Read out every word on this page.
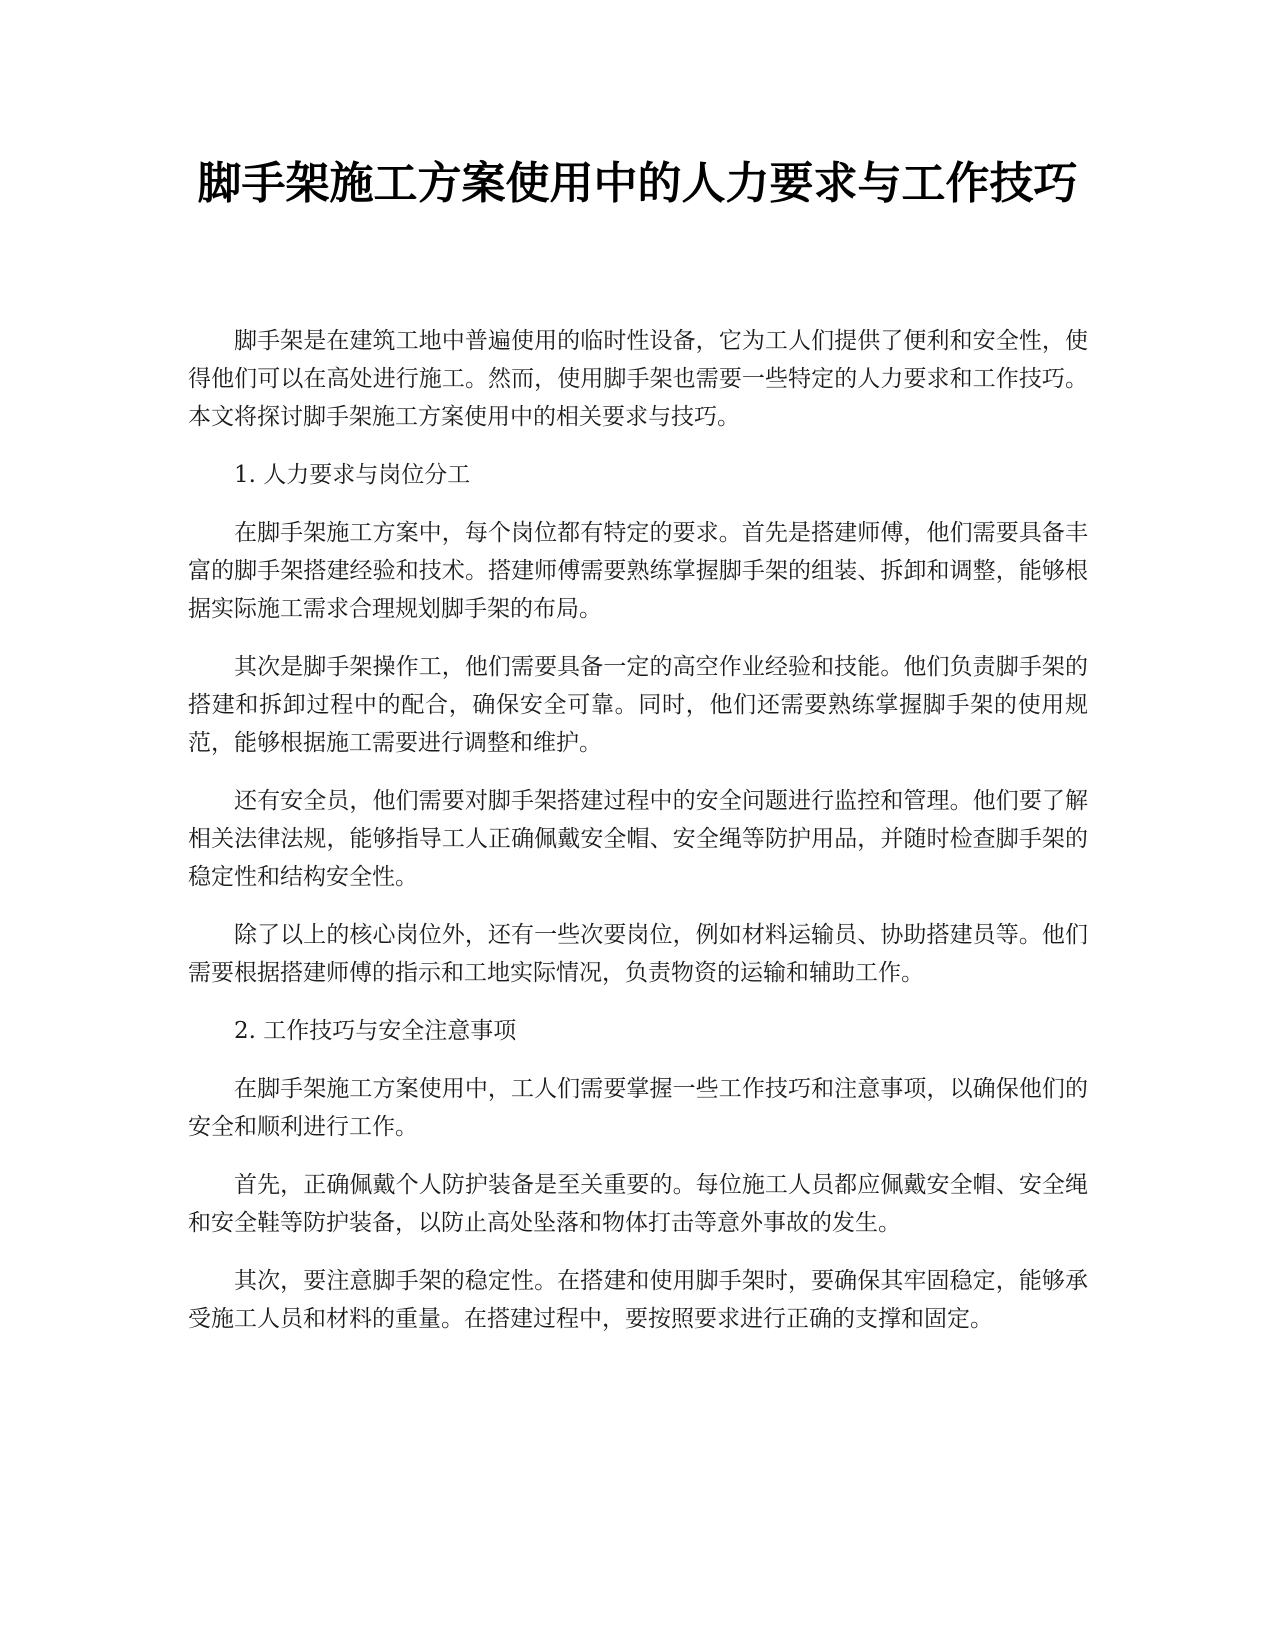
脚手架施工方案使用中的人力要求与工作技巧

脚手架是在建筑工地中普遍使用的临时性设备，它为工人们提供了便利和安全性，使得他们可以在高处进行施工。然而，使用脚手架也需要一些特定的人力要求和工作技巧。本文将探讨脚手架施工方案使用中的相关要求与技巧。

1. 人力要求与岗位分工

在脚手架施工方案中，每个岗位都有特定的要求。首先是搭建师傅，他们需要具备丰富的脚手架搭建经验和技术。搭建师傅需要熟练掌握脚手架的组装、拆卸和调整，能够根据实际施工需求合理规划脚手架的布局。

其次是脚手架操作工，他们需要具备一定的高空作业经验和技能。他们负责脚手架的搭建和拆卸过程中的配合，确保安全可靠。同时，他们还需要熟练掌握脚手架的使用规范，能够根据施工需要进行调整和维护。

还有安全员，他们需要对脚手架搭建过程中的安全问题进行监控和管理。他们要了解相关法律法规，能够指导工人正确佩戴安全帽、安全绳等防护用品，并随时检查脚手架的稳定性和结构安全性。

除了以上的核心岗位外，还有一些次要岗位，例如材料运输员、协助搭建员等。他们需要根据搭建师傅的指示和工地实际情况，负责物资的运输和辅助工作。

2. 工作技巧与安全注意事项

在脚手架施工方案使用中，工人们需要掌握一些工作技巧和注意事项，以确保他们的安全和顺利进行工作。

首先，正确佩戴个人防护装备是至关重要的。每位施工人员都应佩戴安全帽、安全绳和安全鞋等防护装备，以防止高处坠落和物体打击等意外事故的发生。

其次，要注意脚手架的稳定性。在搭建和使用脚手架时，要确保其牢固稳定，能够承受施工人员和材料的重量。在搭建过程中，要按照要求进行正确的支撑和固定。
